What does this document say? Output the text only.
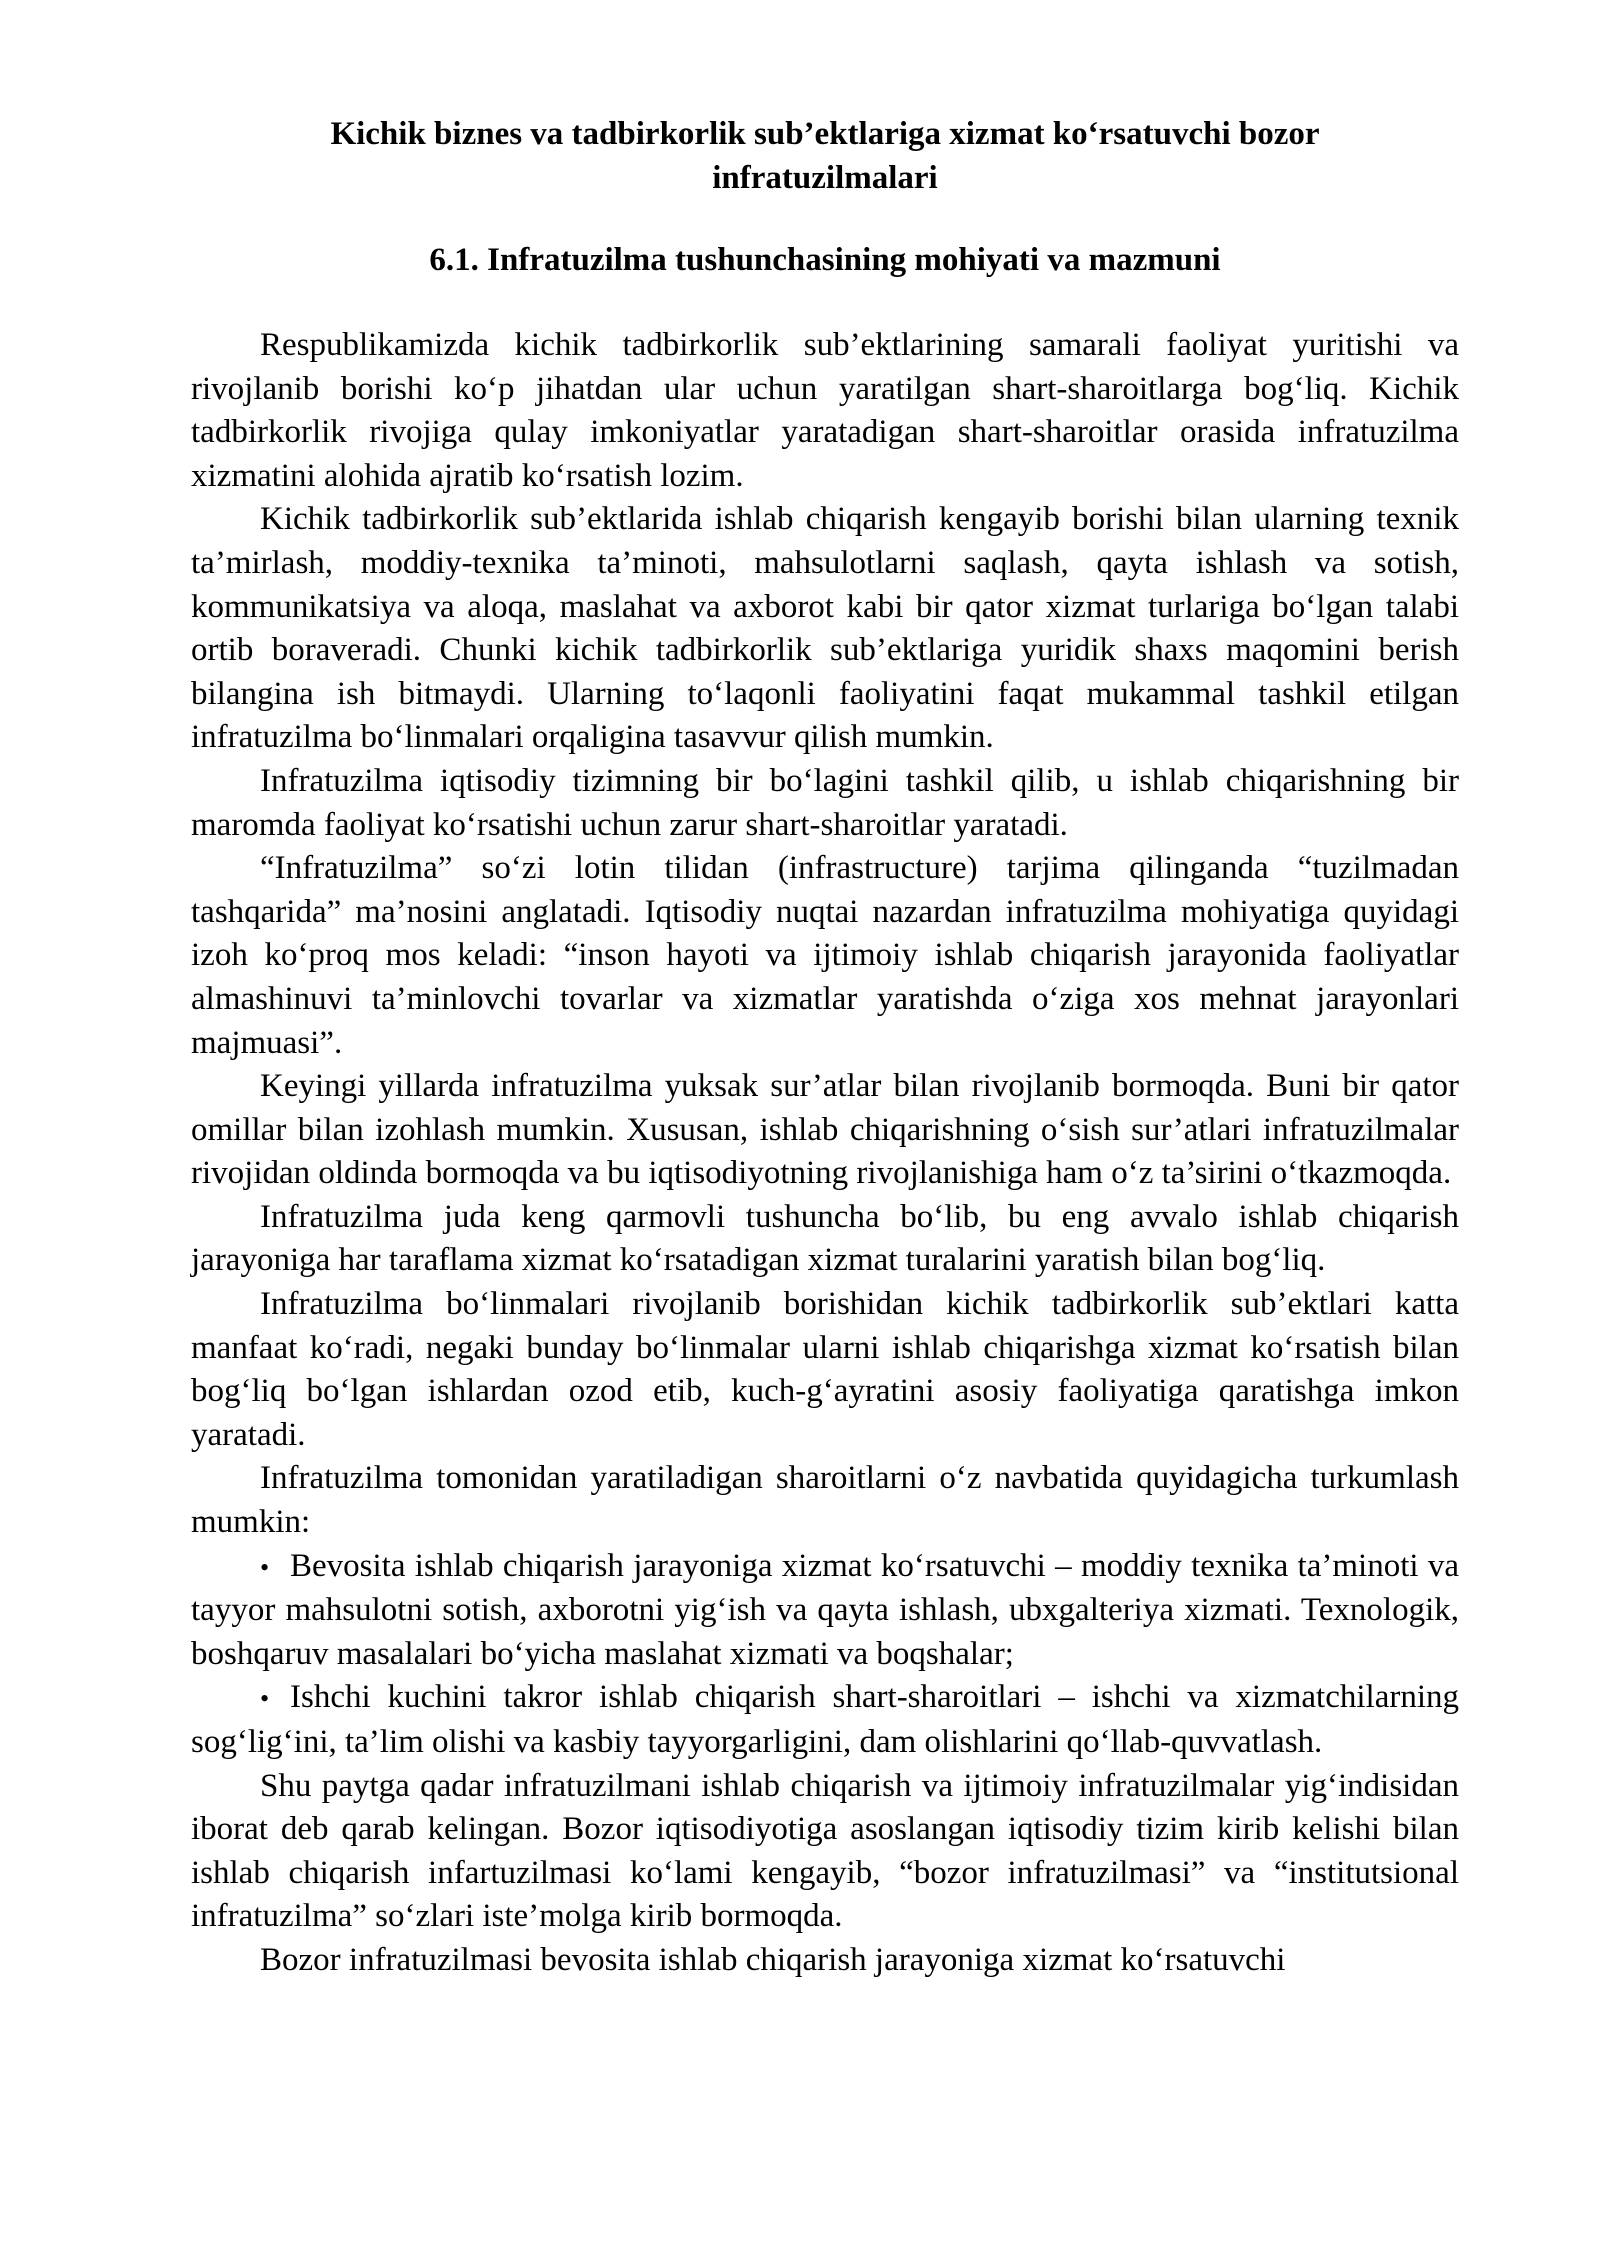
Kichik biznes va tadbirkorlik sub’ektlariga xizmat ko‘rsatuvchi bozor infratuzilmalari
6.1. Infratuzilma tushunchasining mohiyati va mazmuni

Respublikamizda kichik tadbirkorlik sub’ektlarining samarali faoliyat yuritishi va rivojlanib borishi ko‘p jihatdan ular uchun yaratilgan shart-sharoitlarga bog‘liq. Kichik tadbirkorlik rivojiga qulay imkoniyatlar yaratadigan shart-sharoitlar orasida infratuzilma xizmatini alohida ajratib ko‘rsatish lozim.

Kichik tadbirkorlik sub’ektlarida ishlab chiqarish kengayib borishi bilan ularning texnik ta’mirlash, moddiy-texnika ta’minoti, mahsulotlarni saqlash, qayta ishlash va sotish, kommunikatsiya va aloqa, maslahat va axborot kabi bir qator xizmat turlariga bo‘lgan talabi ortib boraveradi. Chunki kichik tadbirkorlik sub’ektlariga yuridik shaxs maqomini berish bilangina ish bitmaydi. Ularning to‘laqonli faoliyatini faqat mukammal tashkil etilgan infratuzilma bo‘linmalari orqaligina tasavvur qilish mumkin.

Infratuzilma iqtisodiy tizimning bir bo‘lagini tashkil qilib, u ishlab chiqarishning bir maromda faoliyat ko‘rsatishi uchun zarur shart-sharoitlar yaratadi.

“Infratuzilma” so‘zi lotin tilidan (infrastructure) tarjima qilinganda “tuzilmadan tashqarida” ma’nosini anglatadi. Iqtisodiy nuqtai nazardan infratuzilma mohiyatiga quyidagi izoh ko‘proq mos keladi: “inson hayoti va ijtimoiy ishlab chiqarish jarayonida faoliyatlar almashinuvi ta’minlovchi tovarlar va xizmatlar yaratishda o‘ziga xos mehnat jarayonlari majmuasi”.

Keyingi yillarda infratuzilma yuksak sur’atlar bilan rivojlanib bormoqda. Buni bir qator omillar bilan izohlash mumkin. Xususan, ishlab chiqarishning o‘sish sur’atlari infratuzilmalar rivojidan oldinda bormoqda va bu iqtisodiyotning rivojlanishiga ham o‘z ta’sirini o‘tkazmoqda.

Infratuzilma juda keng qarmovli tushuncha bo‘lib, bu eng avvalo ishlab chiqarish jarayoniga har taraflama xizmat ko‘rsatadigan xizmat turalarini yaratish bilan bog‘liq.

Infratuzilma bo‘linmalari rivojlanib borishidan kichik tadbirkorlik sub’ektlari katta manfaat ko‘radi, negaki bunday bo‘linmalar ularni ishlab chiqarishga xizmat ko‘rsatish bilan bog‘liq bo‘lgan ishlardan ozod etib, kuch-g‘ayratini asosiy faoliyatiga qaratishga imkon yaratadi.

Infratuzilma tomonidan yaratiladigan sharoitlarni o‘z navbatida quyidagicha turkumlash mumkin:

• Bevosita ishlab chiqarish jarayoniga xizmat ko‘rsatuvchi – moddiy texnika ta’minoti va tayyor mahsulotni sotish, axborotni yig‘ish va qayta ishlash, ubxgalteriya xizmati. Texnologik, boshqaruv masalalari bo‘yicha maslahat xizmati va boqshalar;

• Ishchi kuchini takror ishlab chiqarish shart-sharoitlari – ishchi va xizmatchilarning sog‘lig‘ini, ta’lim olishi va kasbiy tayyorgarligini, dam olishlarini qo‘llab-quvvatlash.

Shu paytga qadar infratuzilmani ishlab chiqarish va ijtimoiy infratuzilmalar yig‘indisidan iborat deb qarab kelingan. Bozor iqtisodiyotiga asoslangan iqtisodiy tizim kirib kelishi bilan ishlab chiqarish infartuzilmasi ko‘lami kengayib, “bozor infratuzilmasi” va “institutsional infratuzilma” so‘zlari iste’molga kirib bormoqda.

Bozor infratuzilmasi bevosita ishlab chiqarish jarayoniga xizmat ko‘rsatuvchi
